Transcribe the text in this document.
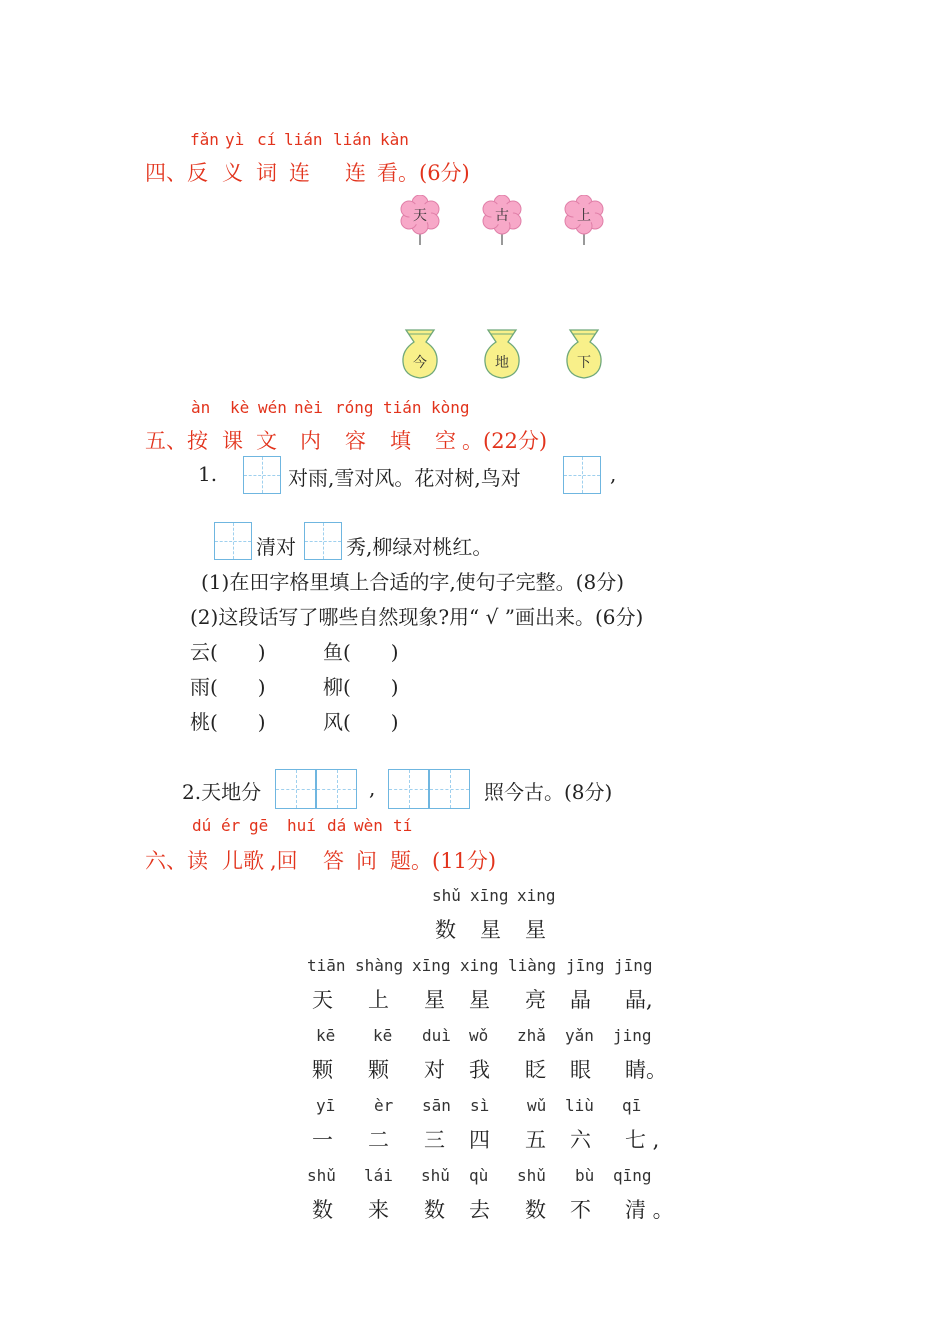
fǎn yì cí lián lián kàn
四、反 义 词 连 连 看。(6分)
天	古	上
今	地	下
àn kè wén nèi róng tián kòng
五、按 课 文 内 容 填 空 。(22分)
1.	对雨,雪对风。花对树,鸟对	,
清对	秀,柳绿对桃红。
(1)在田字格里填上合适的字,使句子完整。(8分)
(2)这段话写了哪些自然现象?用“ √ ”画出来。(6分)
云(　　)	鱼(　　)
雨(　　)	柳(　　)
桃(　　)	风(　　)
2.天地分	,	照今古。(8分)
dú ér gē huí dá wèn tí
六、读 儿歌 ,回 答 问 题。(11分)
shǔ xīng xing
数 星 星
tiān shàng xīng xing liàng jīng jīng
天 上 星 星 亮 晶 晶,
kē kē duì wǒ zhǎ yǎn jing
颗 颗 对 我 眨 眼 睛。
yī èr sān sì wǔ liù qī
一 二 三 四 五 六 七 ,
shǔ lái shǔ qù shǔ bù qīng
数 来 数 去 数 不 清 。
